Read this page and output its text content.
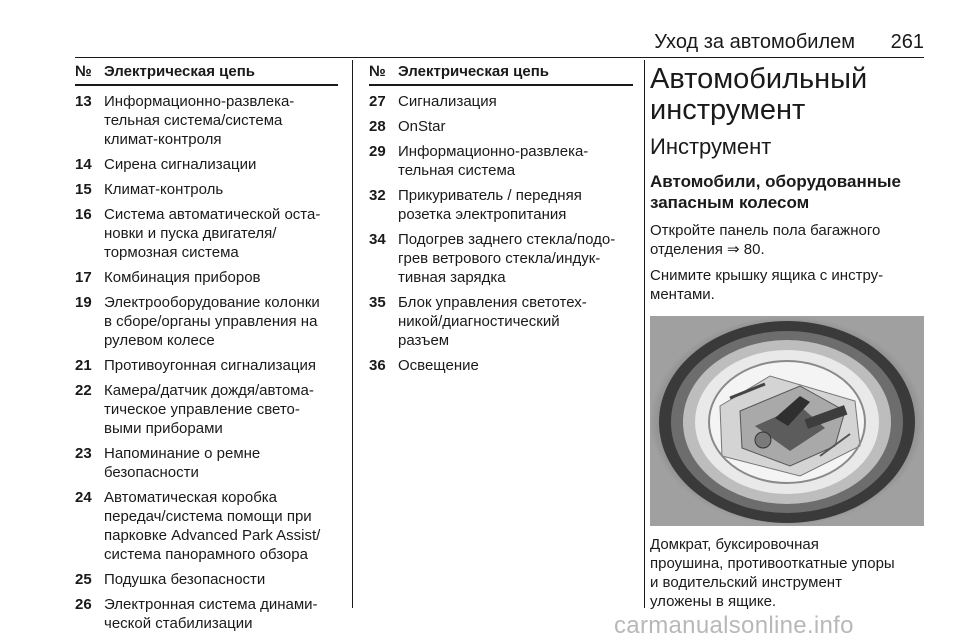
Уход за автомобилем	261
№ Электрическая цепь
13 Информационно-развлека-
тельная система/система
климат-контроля
14 Сирена сигнализации
15 Климат-контроль
16 Система автоматической оста-
новки и пуска двигателя/
тормозная система
17 Комбинация приборов
19 Электрооборудование колонки
в сборе/органы управления на
рулевом колесе
21 Противоугонная сигнализация
22 Камера/датчик дождя/автома-
тическое управление свето-
выми приборами
23 Напоминание о ремне
безопасности
24 Автоматическая коробка
передач/система помощи при
парковке Advanced Park Assist/
система панорамного обзора
25 Подушка безопасности
26 Электронная система динами-
ческой стабилизации
№ Электрическая цепь
27 Сигнализация
28 OnStar
29 Информационно-развлека-
тельная система
32 Прикуриватель / передняя
розетка электропитания
34 Подогрев заднего стекла/подо-
грев ветрового стекла/индук-
тивная зарядка
35 Блок управления светотех-
никой/диагностический
разъем
36 Освещение
Автомобильный
инструмент
Инструмент
Автомобили, оборудованные
запасным колесом
Откройте панель пола багажного
отделения ⇒ 80.
Снимите крышку ящика с инстру-
ментами.
Домкрат, буксировочная
проушина, противооткатные упоры
и водительский инструмент
уложены в ящике.
carmanualsonline.info
